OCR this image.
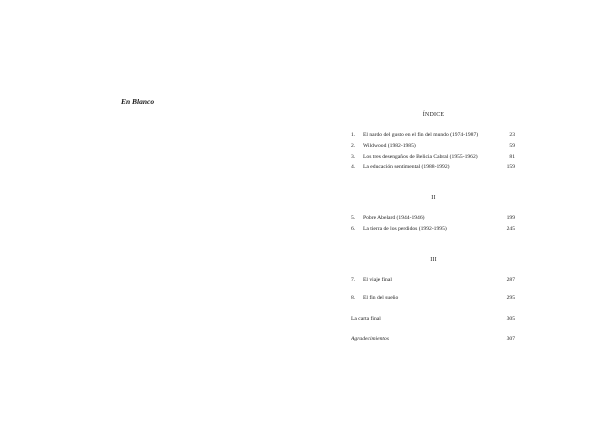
En Blanco
ÍNDICE
1.	El nardo del gusto en el fin del mundo (1974-1987)	23
2.	Wildwood (1982-1985)	59
3.	Los tres desengaños de Belicia Cabral (1955-1962)	81
4.	La educación sentimental (1988-1992)	159
II
5.	Pobre Abelard (1944-1946)	199
6.	La tierra de los perdidos (1992-1995)	245
III
7.	El viaje final	287
8.	El fin del sueño	295
La carta final	305
Agradecimientos	307
